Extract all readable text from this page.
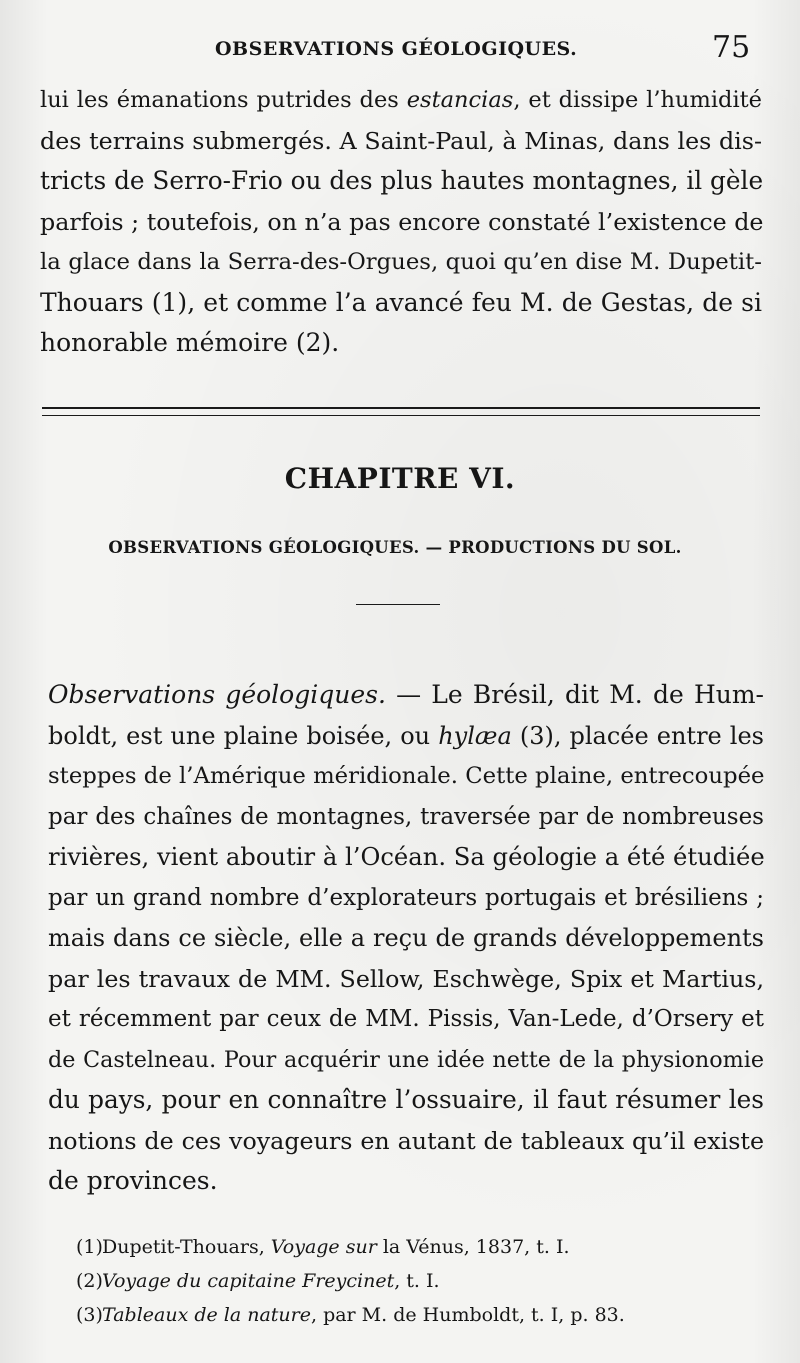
OBSERVATIONS GÉOLOGIQUES.	75
lui les émanations putrides des estancias, et dissipe l’humidité
des terrains submergés. A Saint-Paul, à Minas, dans les dis-
tricts de Serro-Frio ou des plus hautes montagnes, il gèle
parfois ; toutefois, on n’a pas encore constaté l’existence de
la glace dans la Serra-des-Orgues, quoi qu’en dise M. Dupetit-
Thouars (1), et comme l’a avancé feu M. de Gestas, de si
honorable mémoire (2).
CHAPITRE VI.
OBSERVATIONS GÉOLOGIQUES. — PRODUCTIONS DU SOL.
Observations géologiques. — Le Brésil, dit M. de Hum-
boldt, est une plaine boisée, ou hylæa (3), placée entre les
steppes de l’Amérique méridionale. Cette plaine, entrecoupée
par des chaînes de montagnes, traversée par de nombreuses
rivières, vient aboutir à l’Océan. Sa géologie a été étudiée
par un grand nombre d’explorateurs portugais et brésiliens ;
mais dans ce siècle, elle a reçu de grands développements
par les travaux de MM. Sellow, Eschwège, Spix et Martius,
et récemment par ceux de MM. Pissis, Van-Lede, d’Orsery et
de Castelneau. Pour acquérir une idée nette de la physionomie
du pays, pour en connaître l’ossuaire, il faut résumer les
notions de ces voyageurs en autant de tableaux qu’il existe
de provinces.
(1)Dupetit-Thouars, Voyage sur la Vénus, 1837, t. I.
(2)Voyage du capitaine Freycinet, t. I.
(3)Tableaux de la nature, par M. de Humboldt, t. I, p. 83.
